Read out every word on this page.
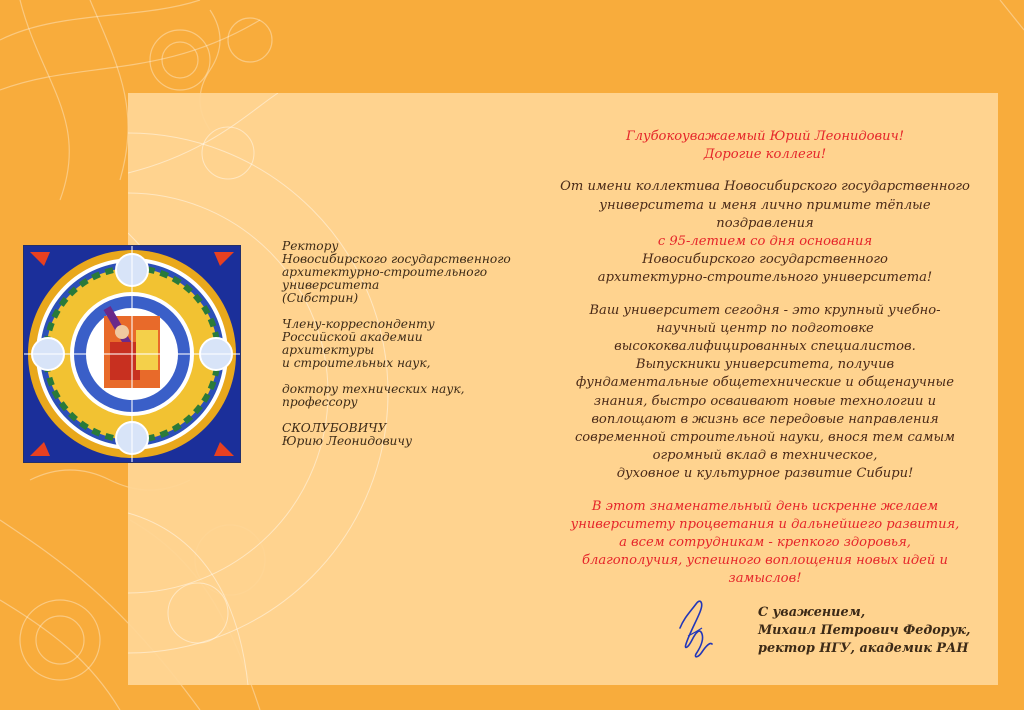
Ректору

Новосибирского государственного

архитектурно-строительного

университета

(Сибстрин)

Члену-корреспонденту

Российской академии

архитектуры

и строительных наук,

доктору технических наук,

профессору

СКОЛУБОВИЧУ

Юрию Леонидовичу

Глубокоуважаемый Юрий Леонидович!

Дорогие коллеги!

От имени коллектива Новосибирского государственного

университета и меня лично примите тёплые поздравления

с 95-летием со дня основания

Новосибирского государственного

архитектурно-строительного университета!

Ваш университет сегодня - это крупный учебно-

научный центр по подготовке

высококвалифицированных специалистов.

Выпускники университета, получив

фундаментальные общетехнические и общенаучные

знания, быстро осваивают новые технологии и

воплощают в жизнь все передовые направления

современной строительной науки, внося тем самым

огромный вклад в техническое,

духовное и культурное развитие Сибири!

В этот знаменательный день искренне желаем

университету процветания и дальнейшего развития,

а всем сотрудникам - крепкого здоровья,

благополучия, успешного воплощения новых идей и

замыслов!

С уважением,

Михаил Петрович Федорук,

ректор НГУ, академик РАН
